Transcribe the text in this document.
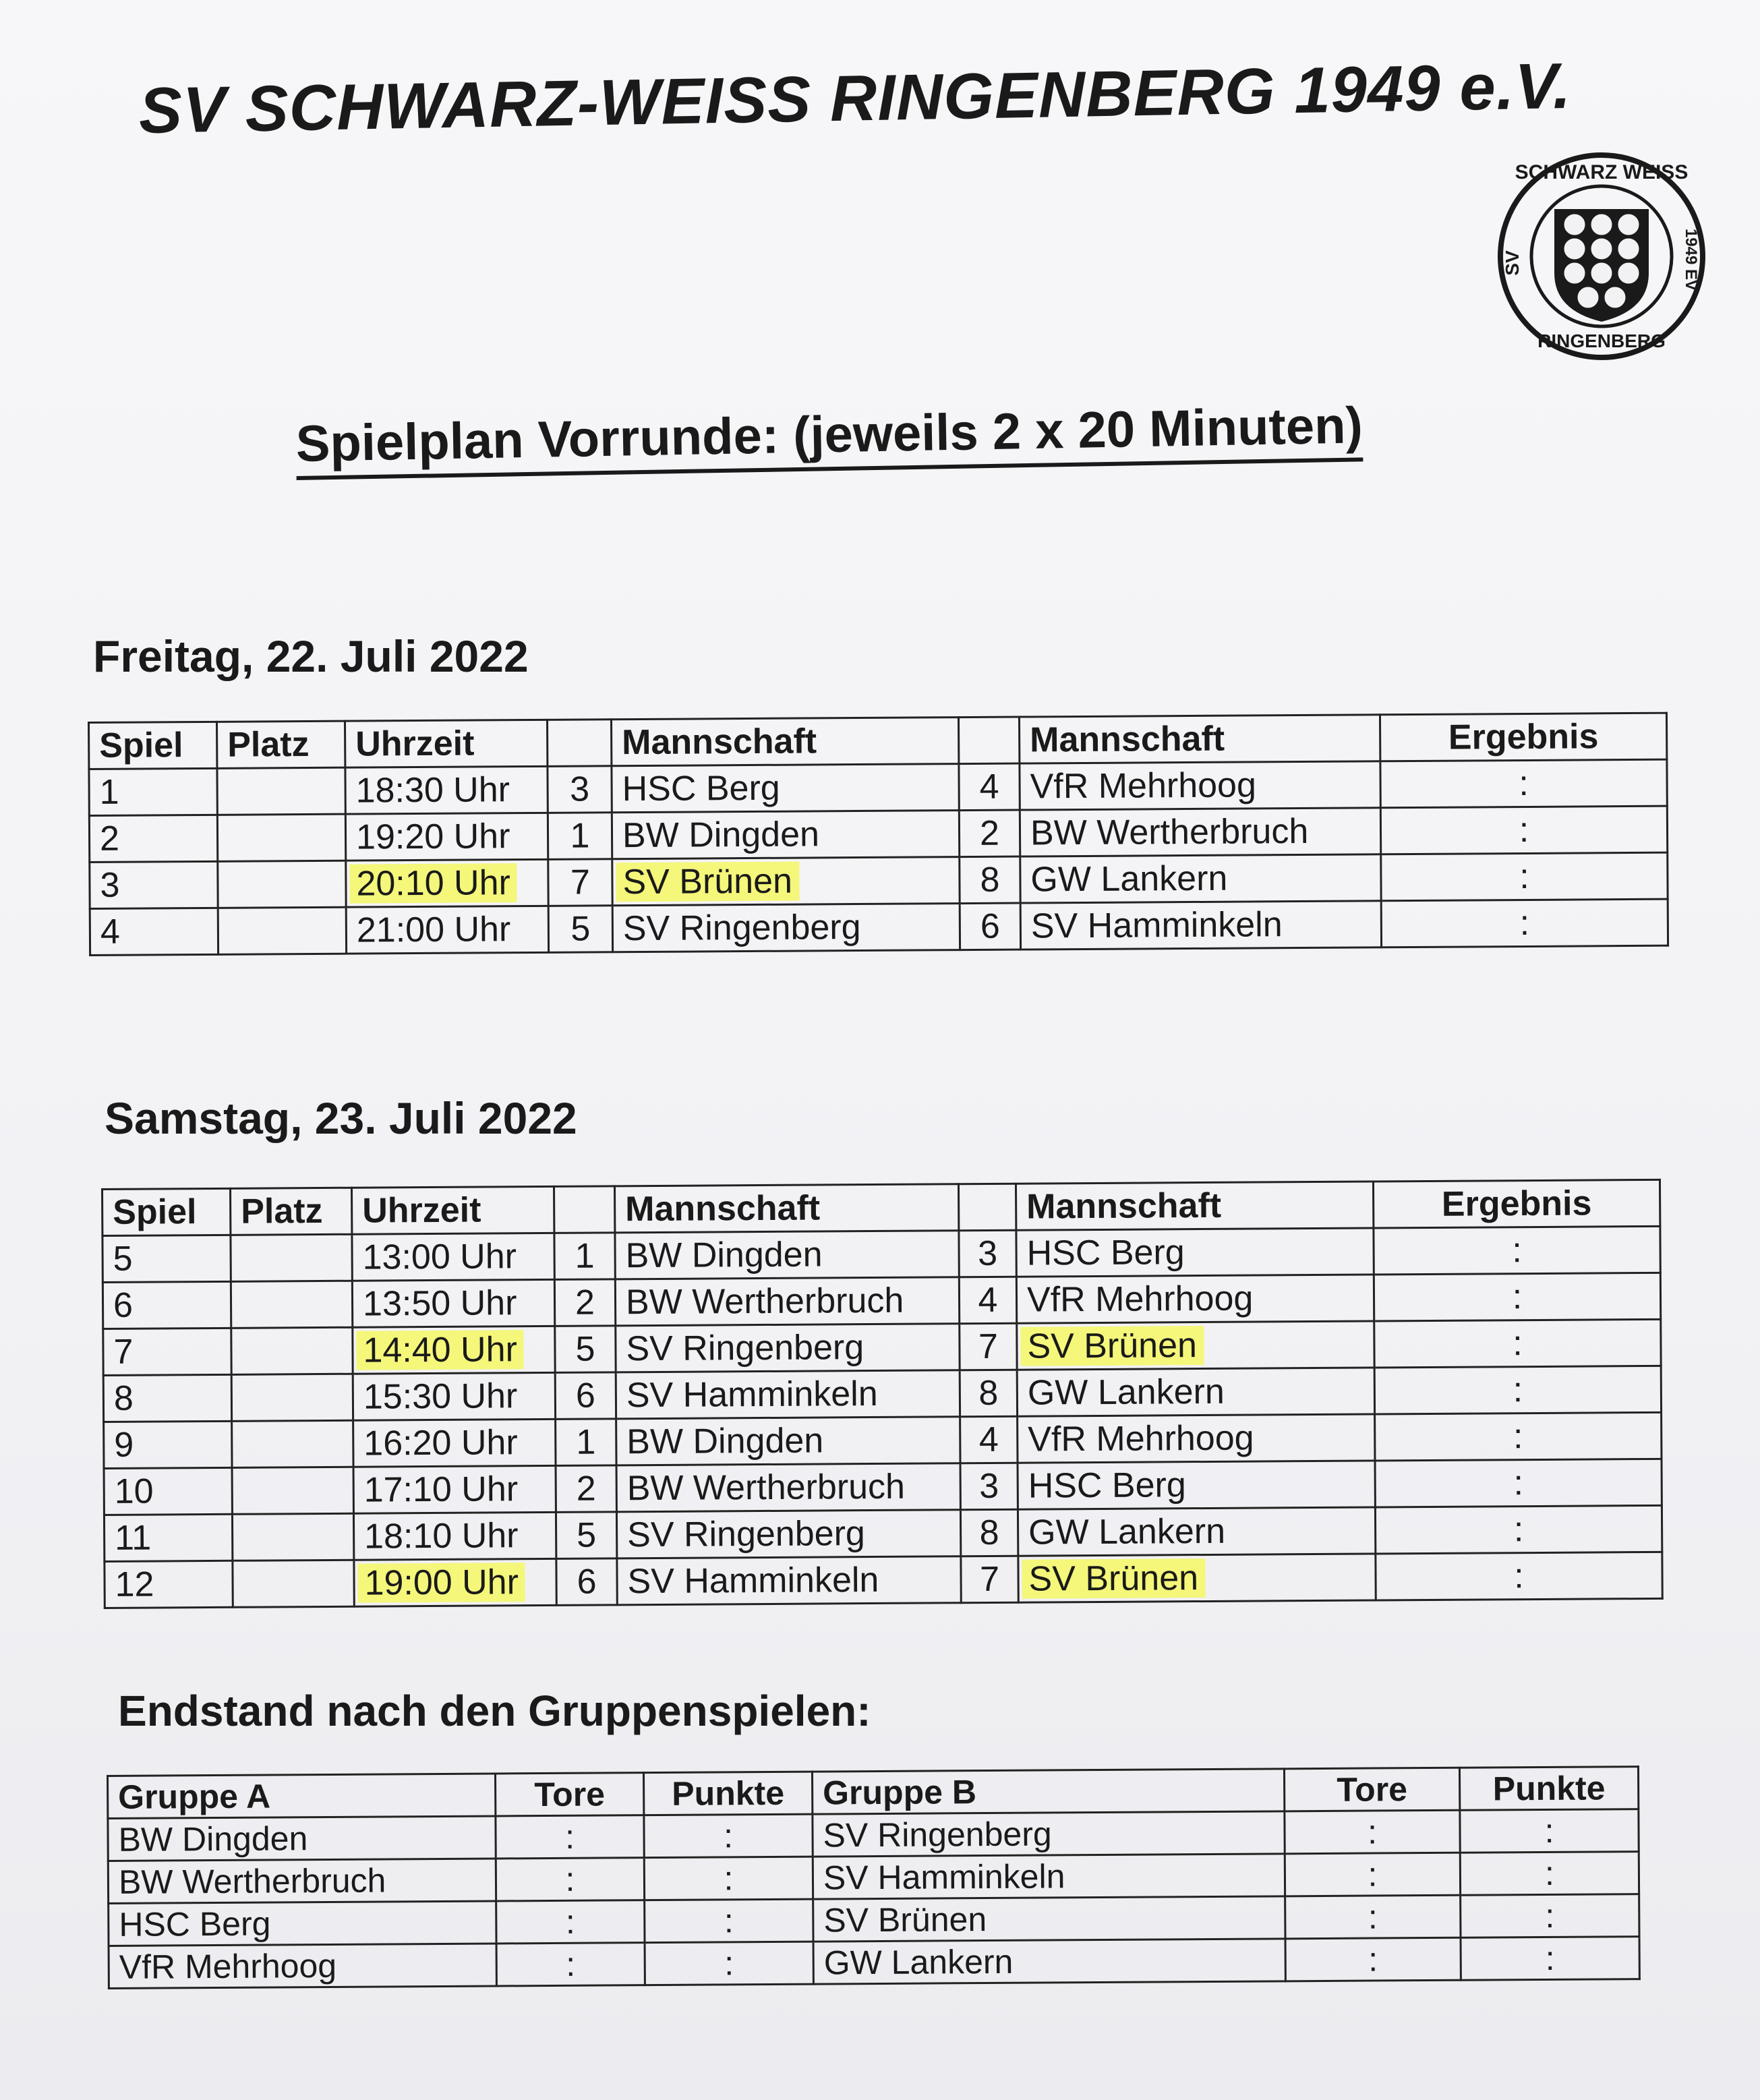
SV SCHWARZ-WEISS RINGENBERG 1949 e.V.
SCHWARZ WEISS
SV	1949 EV
RINGENBERG
Spielplan Vorrunde: (jeweils 2 x 20 Minuten)
Freitag, 22. Juli 2022
Spiel	Platz	Uhrzeit		Mannschaft		Mannschaft	Ergebnis
1		18:30 Uhr	3	HSC Berg	4	VfR Mehrhoog	:
2		19:20 Uhr	1	BW Dingden	2	BW Wertherbruch	:
3		20:10 Uhr	7	SV Brünen	8	GW Lankern	:
4		21:00 Uhr	5	SV Ringenberg	6	SV Hamminkeln	:
Samstag, 23. Juli 2022
Spiel	Platz	Uhrzeit		Mannschaft		Mannschaft	Ergebnis
5		13:00 Uhr	1	BW Dingden	3	HSC Berg	:
6		13:50 Uhr	2	BW Wertherbruch	4	VfR Mehrhoog	:
7		14:40 Uhr	5	SV Ringenberg	7	SV Brünen	:
8		15:30 Uhr	6	SV Hamminkeln	8	GW Lankern	:
9		16:20 Uhr	1	BW Dingden	4	VfR Mehrhoog	:
10		17:10 Uhr	2	BW Wertherbruch	3	HSC Berg	:
11		18:10 Uhr	5	SV Ringenberg	8	GW Lankern	:
12		19:00 Uhr	6	SV Hamminkeln	7	SV Brünen	:
Endstand nach den Gruppenspielen:
Gruppe A	Tore	Punkte	Gruppe B	Tore	Punkte
BW Dingden	:	:	SV Ringenberg	:	:
BW Wertherbruch	:	:	SV Hamminkeln	:	:
HSC Berg	:	:	SV Brünen	:	:
VfR Mehrhoog	:	:	GW Lankern	:	:
